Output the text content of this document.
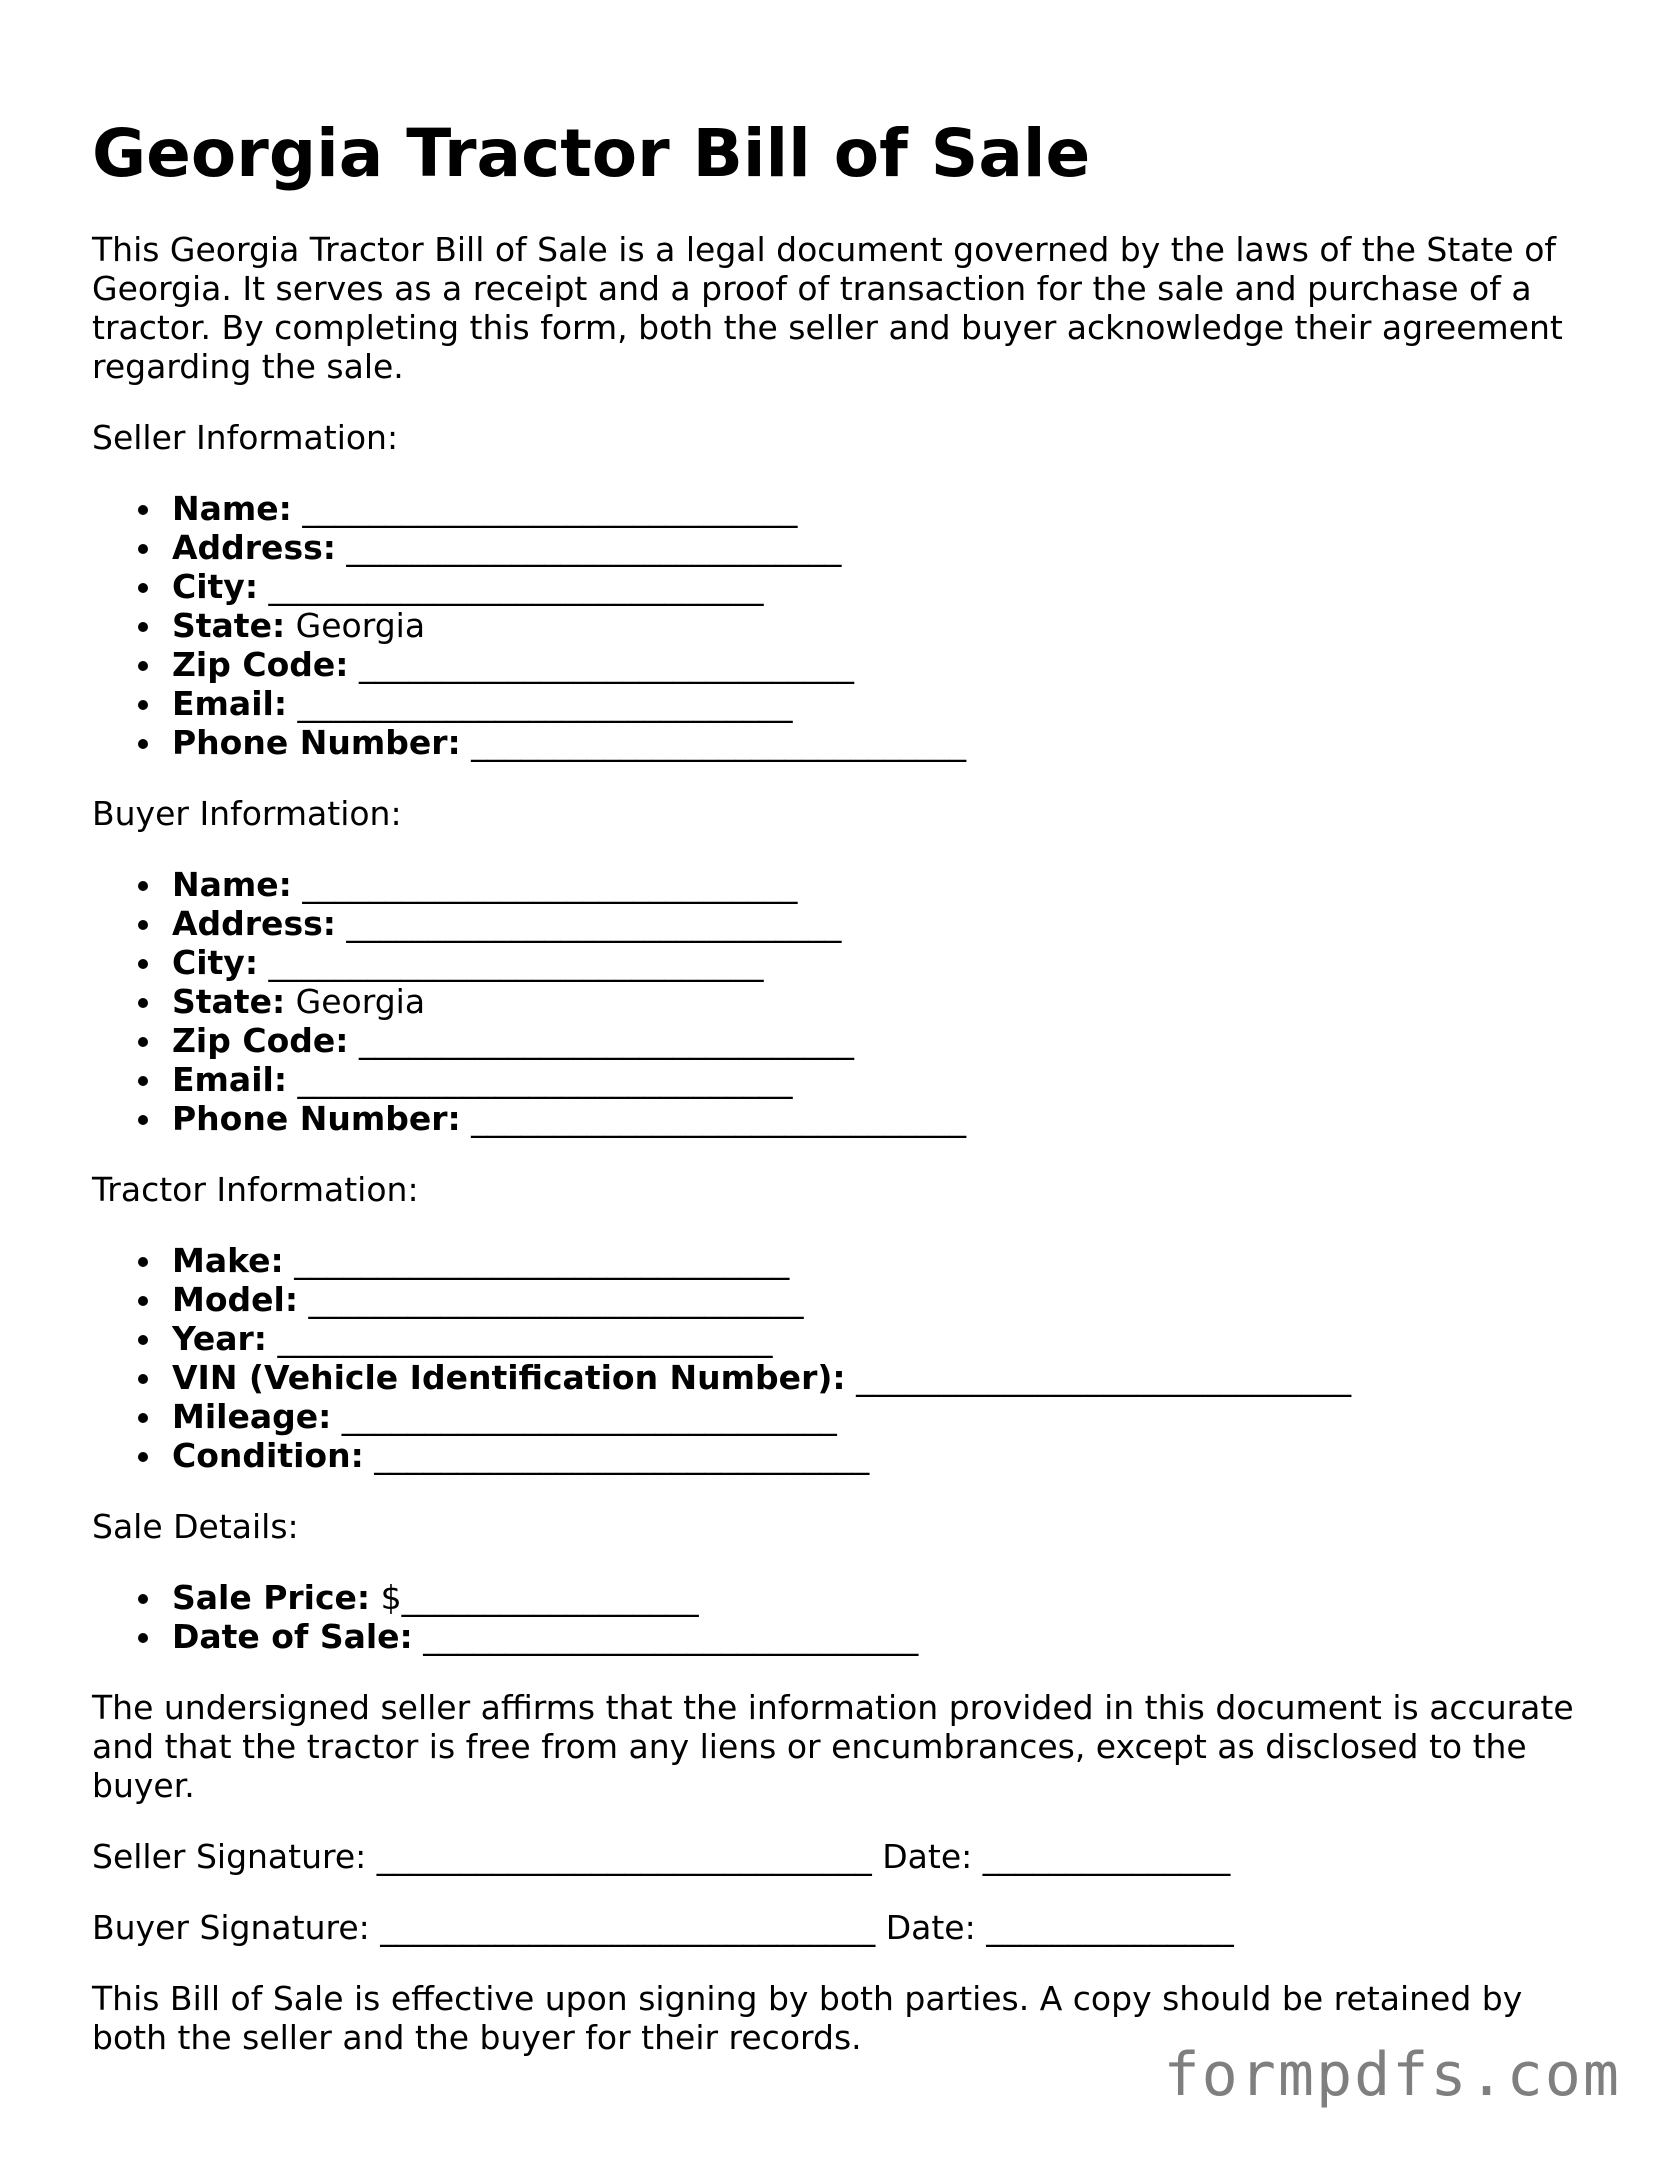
Georgia Tractor Bill of Sale

This Georgia Tractor Bill of Sale is a legal document governed by the laws of the State of Georgia. It serves as a receipt and a proof of transaction for the sale and purchase of a tractor. By completing this form, both the seller and buyer acknowledge their agreement regarding the sale.

Seller Information:

Name: ______________________________
Address: ______________________________
City: ______________________________
State: Georgia
Zip Code: ______________________________
Email: ______________________________
Phone Number: ______________________________

Buyer Information:

Name: ______________________________
Address: ______________________________
City: ______________________________
State: Georgia
Zip Code: ______________________________
Email: ______________________________
Phone Number: ______________________________

Tractor Information:

Make: ______________________________
Model: ______________________________
Year: ______________________________
VIN (Vehicle Identification Number): ______________________________
Mileage: ______________________________
Condition: ______________________________

Sale Details:

Sale Price: $__________________
Date of Sale: ______________________________

The undersigned seller affirms that the information provided in this document is accurate and that the tractor is free from any liens or encumbrances, except as disclosed to the buyer.

Seller Signature: ______________________________ Date: _______________

Buyer Signature: ______________________________ Date: _______________

This Bill of Sale is effective upon signing by both parties. A copy should be retained by both the seller and the buyer for their records.

formpdfs.com
